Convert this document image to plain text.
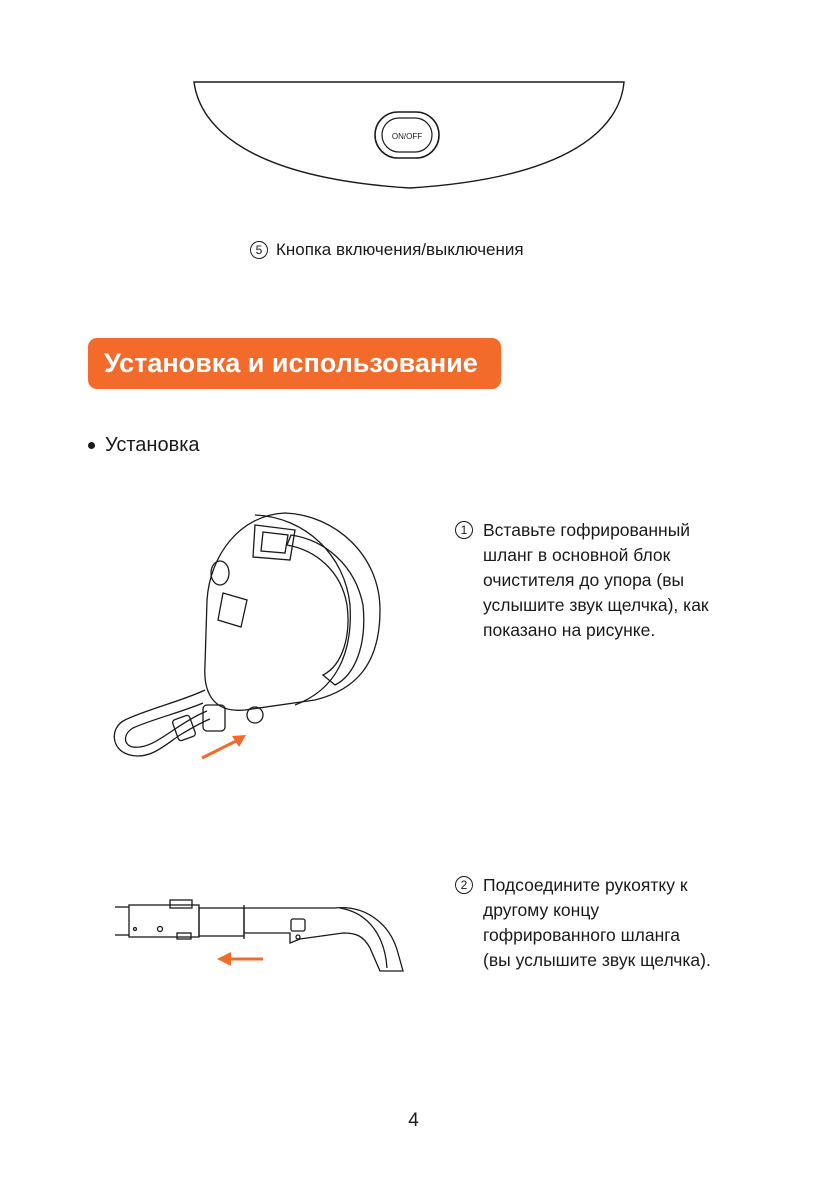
ON/OFF
5 Кнопка включения/выключения
Установка и использование
Установка
1 Вставьте гофрированный
шланг в основной блок
очистителя до упора (вы
услышите звук щелчка), как
показано на рисунке.
2 Подсоедините рукоятку к
другому концу
гофрированного шланга
(вы услышите звук щелчка).
4
